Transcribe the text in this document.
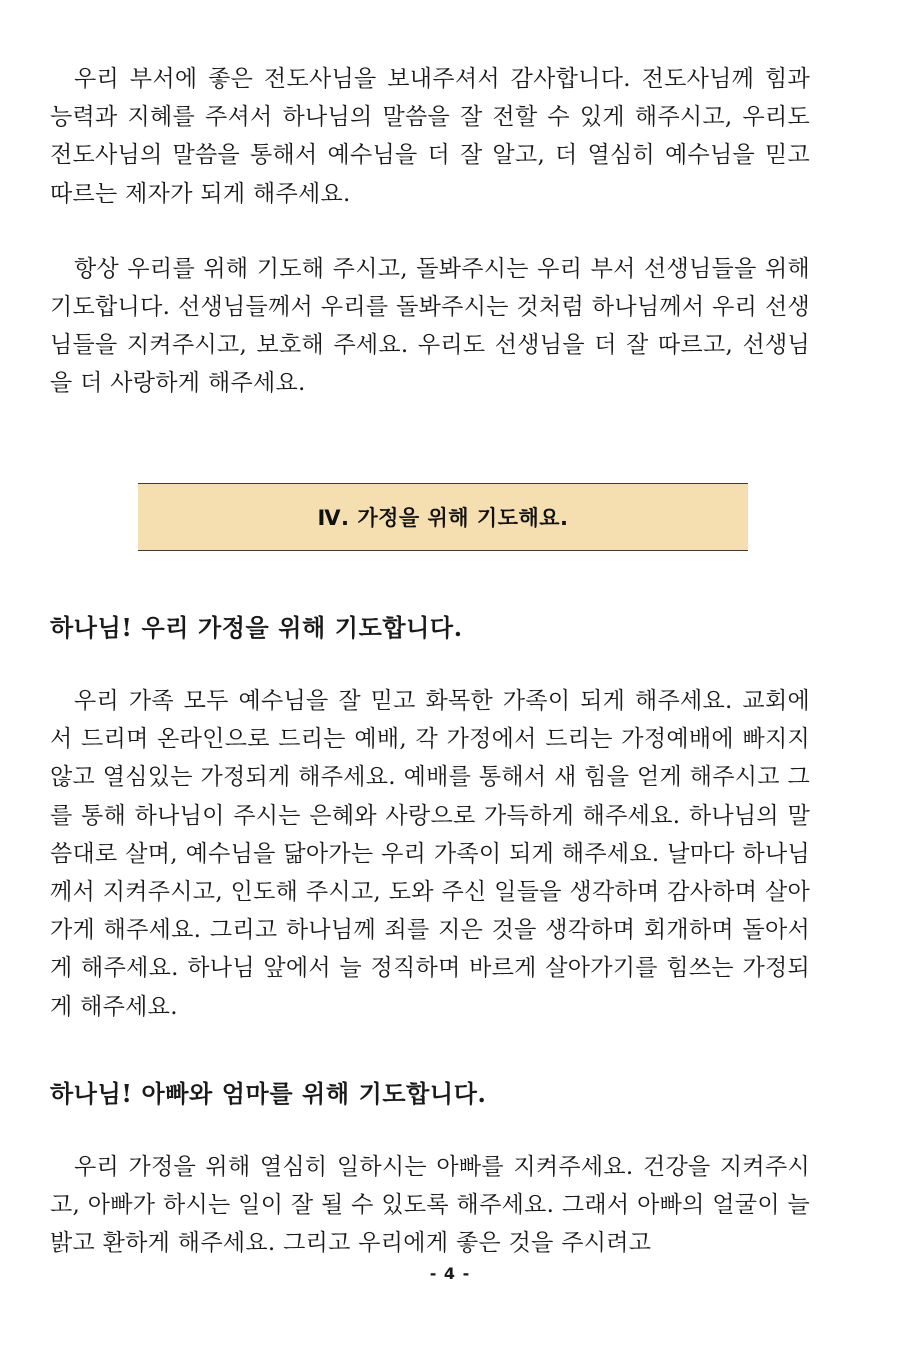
우리 부서에 좋은 전도사님을 보내주셔서 감사합니다. 전도사님께 힘과 능력과 지혜를 주셔서 하나님의 말씀을 잘 전할 수 있게 해주시고, 우리도 전도사님의 말씀을 통해서 예수님을 더 잘 알고, 더 열심히 예수님을 믿고 따르는 제자가 되게 해주세요.

항상 우리를 위해 기도해 주시고, 돌봐주시는 우리 부서 선생님들을 위해 기도합니다. 선생님들께서 우리를 돌봐주시는 것처럼 하나님께서 우리 선생님들을 지켜주시고, 보호해 주세요. 우리도 선생님을 더 잘 따르고, 선생님을 더 사랑하게 해주세요.

Ⅳ. 가정을 위해 기도해요.
하나님! 우리 가정을 위해 기도합니다.

우리 가족 모두 예수님을 잘 믿고 화목한 가족이 되게 해주세요. 교회에서 드리며 온라인으로 드리는 예배, 각 가정에서 드리는 가정예배에 빠지지 않고 열심있는 가정되게 해주세요. 예배를 통해서 새 힘을 얻게 해주시고 그를 통해 하나님이 주시는 은혜와 사랑으로 가득하게 해주세요. 하나님의 말씀대로 살며, 예수님을 닮아가는 우리 가족이 되게 해주세요. 날마다 하나님께서 지켜주시고, 인도해 주시고, 도와 주신 일들을 생각하며 감사하며 살아가게 해주세요. 그리고 하나님께 죄를 지은 것을 생각하며 회개하며 돌아서게 해주세요. 하나님 앞에서 늘 정직하며 바르게 살아가기를 힘쓰는 가정되게 해주세요.

하나님! 아빠와 엄마를 위해 기도합니다.

우리 가정을 위해 열심히 일하시는 아빠를 지켜주세요. 건강을 지켜주시고, 아빠가 하시는 일이 잘 될 수 있도록 해주세요. 그래서 아빠의 얼굴이 늘 밝고 환하게 해주세요. 그리고 우리에게 좋은 것을 주시려고

- 4 -
